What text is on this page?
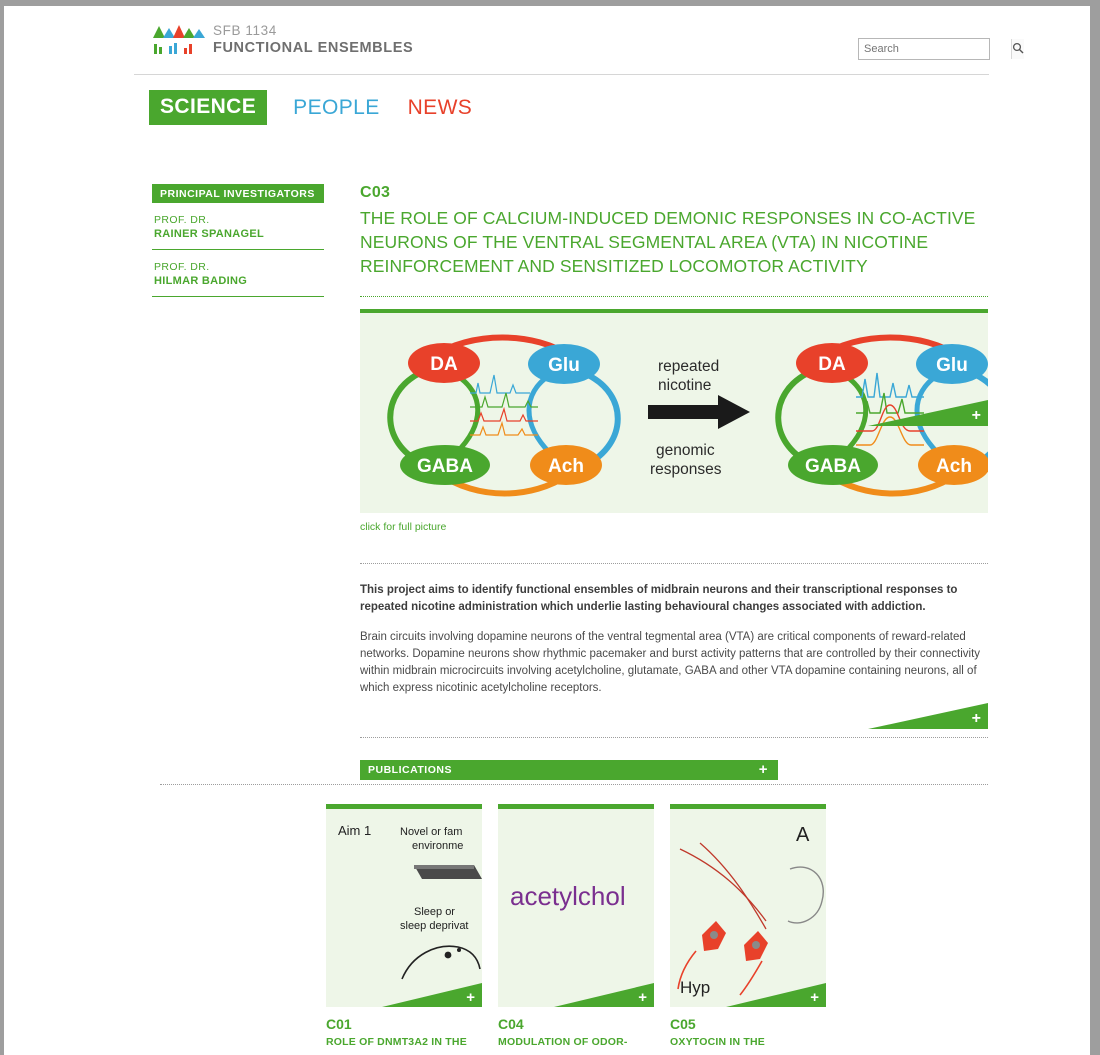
SFB 1134
FUNCTIONAL ENSEMBLES
Search
SCIENCE	PEOPLE NEWS
PRINCIPAL INVESTIGATORS
PROF. DR.
RAINER SPANAGEL
PROF. DR.
HILMAR BADING
C03
THE ROLE OF CALCIUM-INDUCED DEMONIC RESPONSES IN CO-ACTIVE NEURONS OF THE VENTRAL SEGMENTAL AREA (VTA) IN NICOTINE REINFORCEMENT AND SENSITIZED LOCOMOTOR ACTIVITY
DA	Glu
GABA	Ach
repeated
nicotine
genomic
responses
DA	Glu
GABA	Ach
click for full picture
+
This project aims to identify functional ensembles of midbrain neurons and their transcriptional responses to repeated nicotine administration which underlie lasting behavioural changes associated with addiction.
Brain circuits involving dopamine neurons of the ventral tegmental area (VTA) are critical components of reward-related networks. Dopamine neurons show rhythmic pacemaker and burst activity patterns that are controlled by their connectivity within midbrain microcircuits involving acetylcholine, glutamate, GABA and other VTA dopamine containing neurons, all of which express nicotinic acetylcholine receptors.
+
PUBLICATIONS	+
Aim 1	Novel or fam
environme
Sleep or
sleep deprivat
+
C01
ROLE OF DNMT3A2 IN THE
acetylchol
+
C04
MODULATION OF ODOR-
A
Hyp
+
C05
OXYTOCIN IN THE
